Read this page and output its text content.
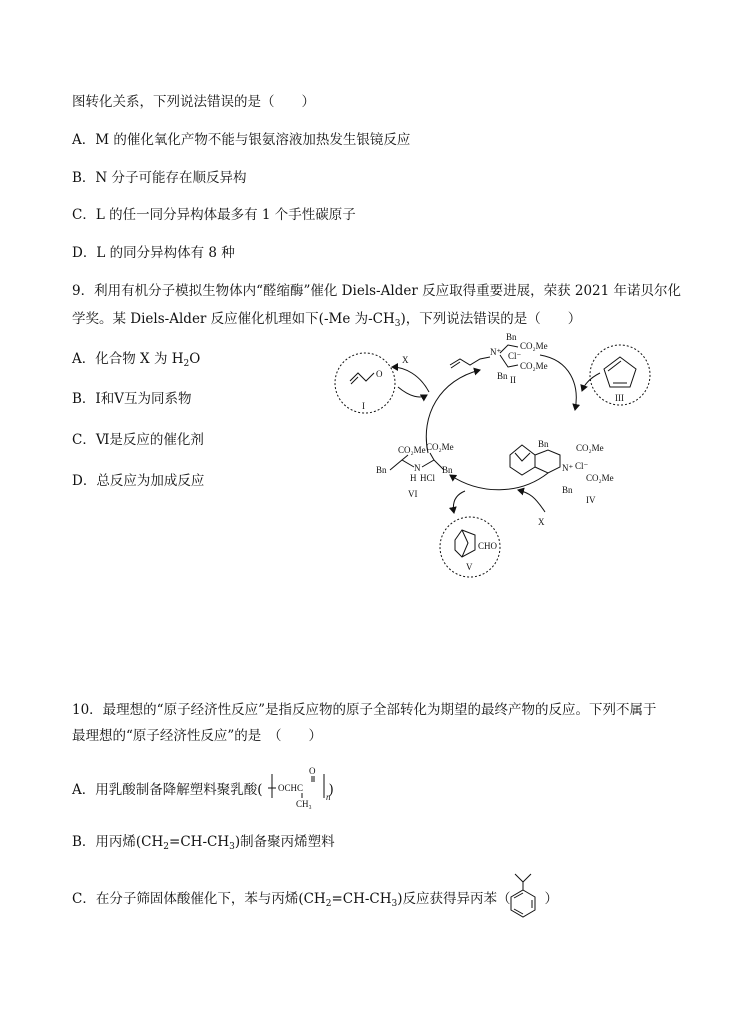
图转化关系，下列说法错误的是（　　）
A．M 的催化氧化产物不能与银氨溶液加热发生银镜反应
B．N 分子可能存在顺反异构
C．L 的任一同分异构体最多有 1 个手性碳原子
D．L 的同分异构体有 8 种
9．利用有机分子模拟生物体内“醛缩酶”催化 Diels-Alder 反应取得重要进展，荣获 2021 年诺贝尔化
学奖。某 Diels-Alder 反应催化机理如下(-Me 为$-CH_3$)，下列说法错误的是（　　）
A．化合物 X 为 $H_2O$
B．Ⅰ和Ⅴ互为同系物
C．Ⅵ是反应的催化剂
D．总反应为加成反应
X
X
O
I
N⁺
Bn
CO₂Me
Cl⁻
CO₂Me
Bn II
III
Bn	CO₂Me
N⁺ Cl⁻
CO₂Me
Bn
IV
CO₂Me CO₂Me
Bn	Bn
N
H HCl
VI
CHO
V
10．最理想的“原子经济性反应”是指反应物的原子全部转化为期望的最终产物的反应。下列不属于
最理想的“原子经济性反应”的是　（　　）
A．用乳酸制备降解塑料聚乳酸(	)
OCHC
O
CH₃
n
B．用丙烯$(CH_2=CH-CH_3)$制备聚丙烯塑料
C．在分子筛固体酸催化下，苯与丙烯$(CH_2=CH-CH_3)$反应获得异丙苯（	）
